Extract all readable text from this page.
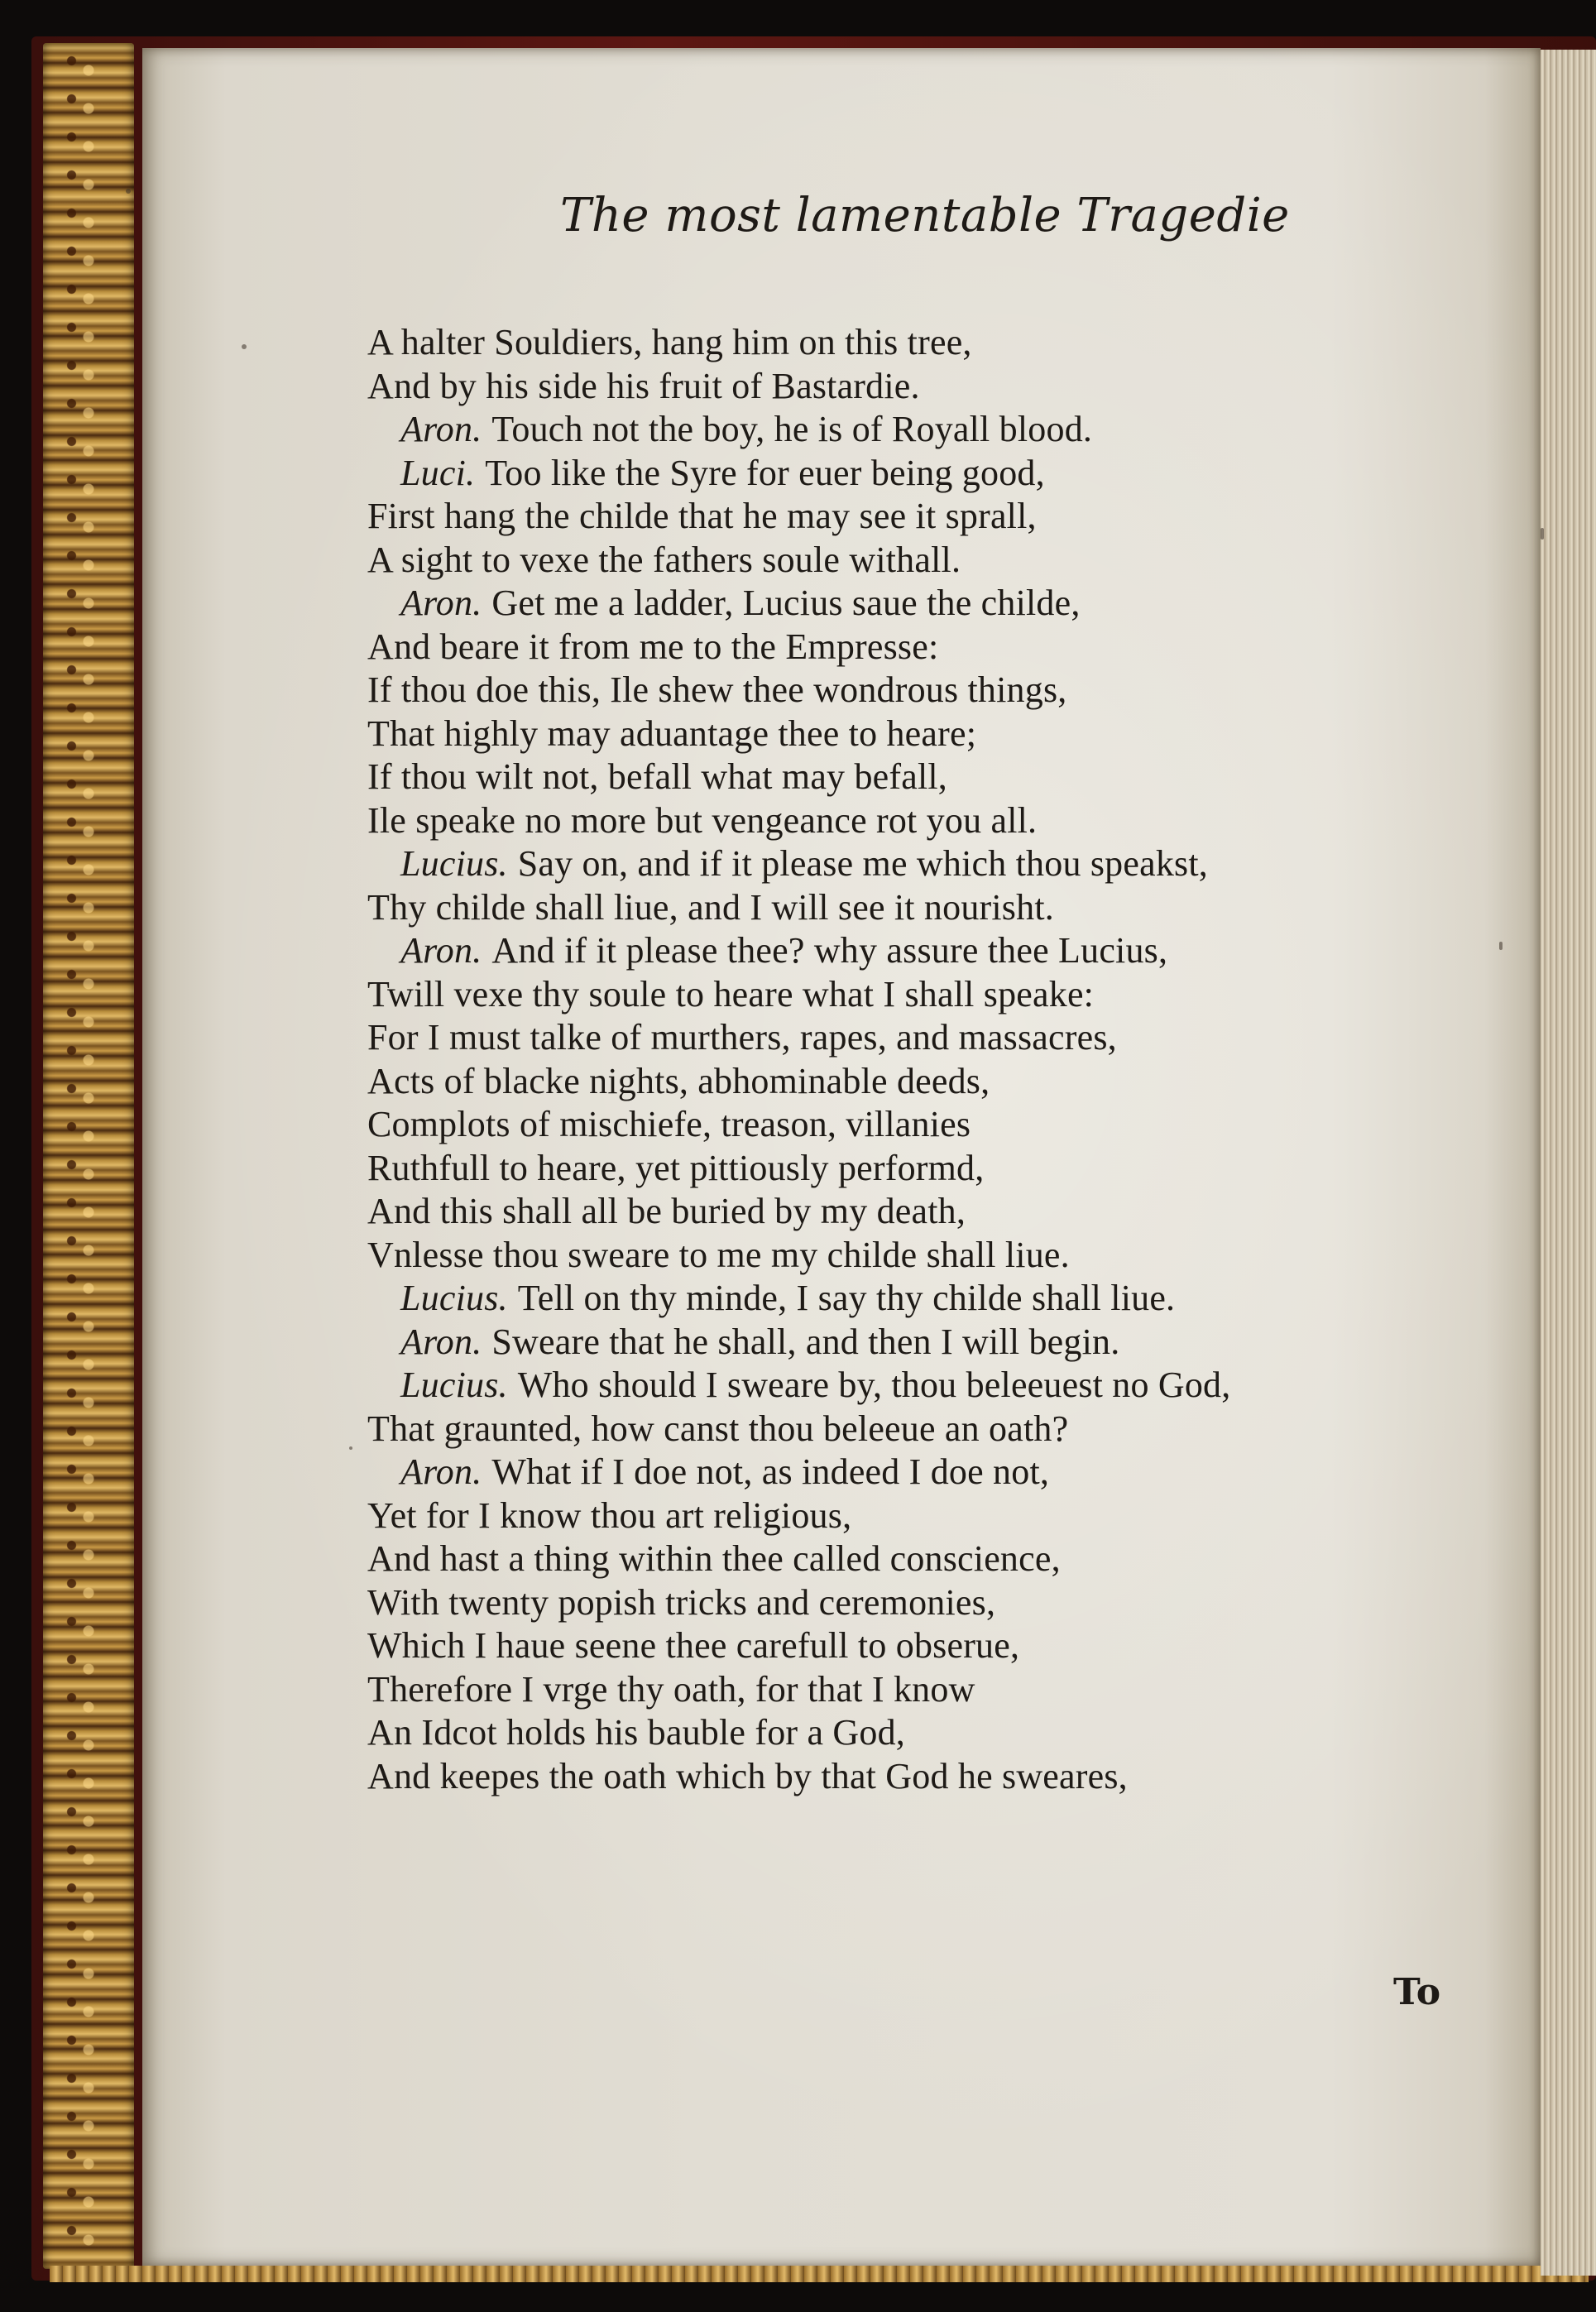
The most lamentable Tragedie
A halter Souldiers, hang him on this tree,
And by his side his fruit of Bastardie.
Aron. Touch not the boy, he is of Royall blood.
Luci. Too like the Syre for euer being good,
First hang the childe that he may see it sprall,
A sight to vexe the fathers soule withall.
Aron. Get me a ladder, Lucius saue the childe,
And beare it from me to the Empresse:
If thou doe this, Ile shew thee wondrous things,
That highly may aduantage thee to heare;
If thou wilt not, befall what may befall,
Ile speake no more but vengeance rot you all.
Lucius. Say on, and if it please me which thou speakst,
Thy childe shall liue, and I will see it nourisht.
Aron. And if it please thee? why assure thee Lucius,
Twill vexe thy soule to heare what I shall speake:
For I must talke of murthers, rapes, and massacres,
Acts of blacke nights, abhominable deeds,
Complots of mischiefe, treason, villanies
Ruthfull to heare, yet pittiously performd,
And this shall all be buried by my death,
Vnlesse thou sweare to me my childe shall liue.
Lucius. Tell on thy minde, I say thy childe shall liue.
Aron. Sweare that he shall, and then I will begin.
Lucius. Who should I sweare by, thou beleeuest no God,
That graunted, how canst thou beleeue an oath?
Aron. What if I doe not, as indeed I doe not,
Yet for I know thou art religious,
And hast a thing within thee called conscience,
With twenty popish tricks and ceremonies,
Which I haue seene thee carefull to obserue,
Therefore I vrge thy oath, for that I know
An Idcot holds his bauble for a God,
And keepes the oath which by that God he sweares,
To
